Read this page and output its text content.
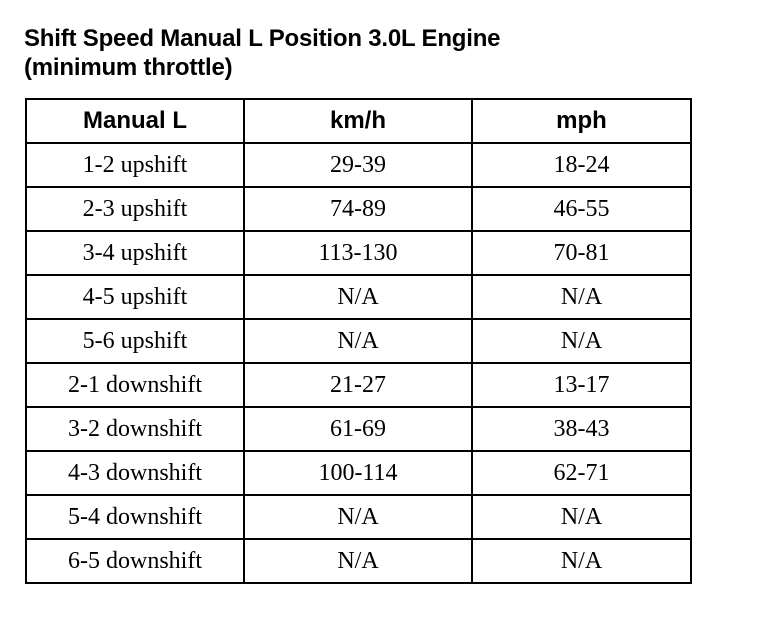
Shift Speed Manual L Position 3.0L Engine
(minimum throttle)
Manual L	km/h	mph
1-2 upshift	29-39	18-24
2-3 upshift	74-89	46-55
3-4 upshift	113-130	70-81
4-5 upshift	N/A	N/A
5-6 upshift	N/A	N/A
2-1 downshift	21-27	13-17
3-2 downshift	61-69	38-43
4-3 downshift	100-114	62-71
5-4 downshift	N/A	N/A
6-5 downshift	N/A	N/A
